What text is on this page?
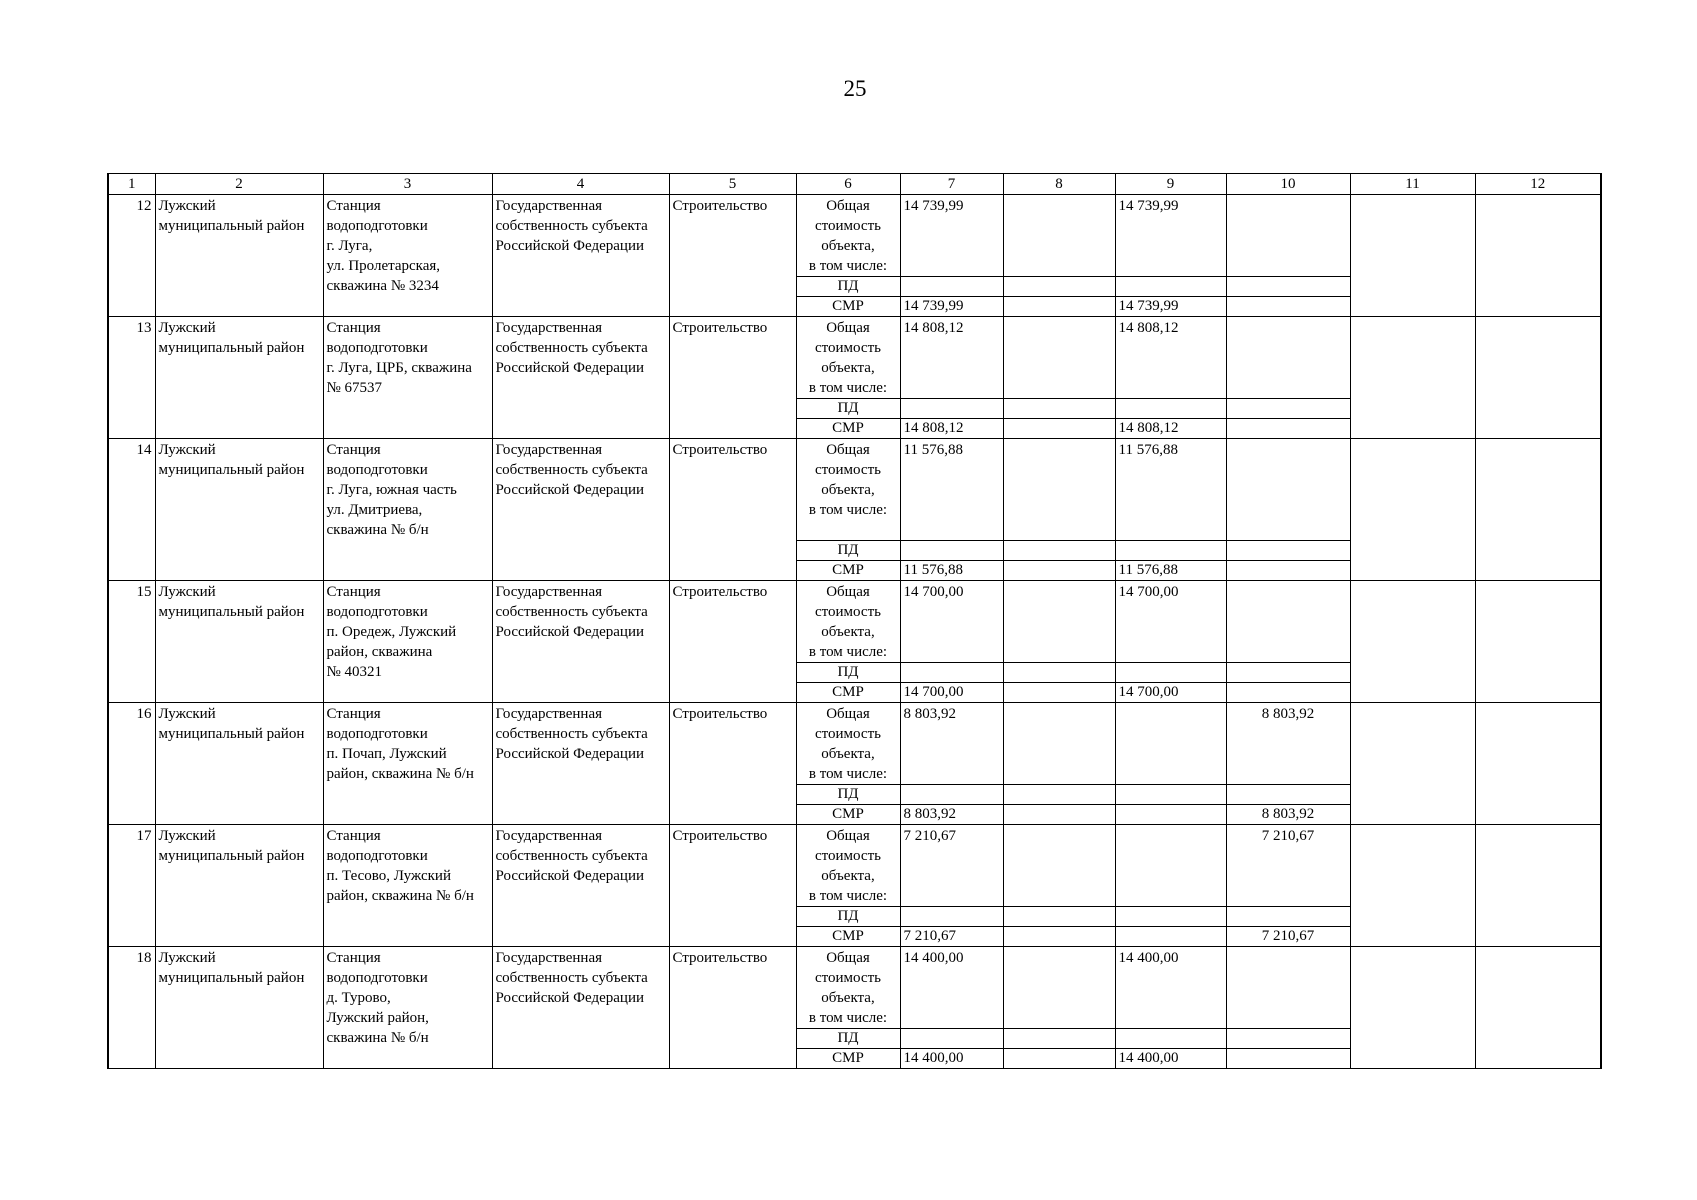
25
1	2	3	4	5	6	7	8	9	10	11	12
12	Лужский муниципальный район	Станция
водоподготовки
г. Луга,
ул. Пролетарская,
скважина № 3234	Государственная собственность субъекта Российской Федерации	Строительство	Общая
стоимость
объекта,
в том числе:	14 739,99		14 739,99			
					ПД						
					СМР	14 739,99		14 739,99			
13	Лужский муниципальный район	Станция
водоподготовки
г. Луга, ЦРБ, скважина
№ 67537	Государственная собственность субъекта Российской Федерации	Строительство	Общая
стоимость
объекта,
в том числе:	14 808,12		14 808,12			
					ПД						
					СМР	14 808,12		14 808,12			
14	Лужский муниципальный район	Станция
водоподготовки
г. Луга, южная часть
ул. Дмитриева,
скважина № б/н	Государственная собственность субъекта Российской Федерации	Строительство	Общая
стоимость
объекта,
в том числе:	11 576,88		11 576,88			
					ПД						
					СМР	11 576,88		11 576,88			
15	Лужский муниципальный район	Станция
водоподготовки
п. Оредеж, Лужский
район, скважина
№ 40321	Государственная собственность субъекта Российской Федерации	Строительство	Общая
стоимость
объекта,
в том числе:	14 700,00		14 700,00			
					ПД						
					СМР	14 700,00		14 700,00			
16	Лужский муниципальный район	Станция
водоподготовки
п. Почап, Лужский
район, скважина № б/н	Государственная собственность субъекта Российской Федерации	Строительство	Общая
стоимость
объекта,
в том числе:	8 803,92			8 803,92		
					ПД						
					СМР	8 803,92			8 803,92		
17	Лужский муниципальный район	Станция
водоподготовки
п. Тесово, Лужский
район, скважина № б/н	Государственная собственность субъекта Российской Федерации	Строительство	Общая
стоимость
объекта,
в том числе:	7 210,67			7 210,67		
					ПД						
					СМР	7 210,67			7 210,67		
18	Лужский муниципальный район	Станция
водоподготовки
д. Турово,
Лужский район,
скважина № б/н	Государственная собственность субъекта Российской Федерации	Строительство	Общая
стоимость
объекта,
в том числе:	14 400,00		14 400,00			
					ПД						
					СМР	14 400,00		14 400,00			
